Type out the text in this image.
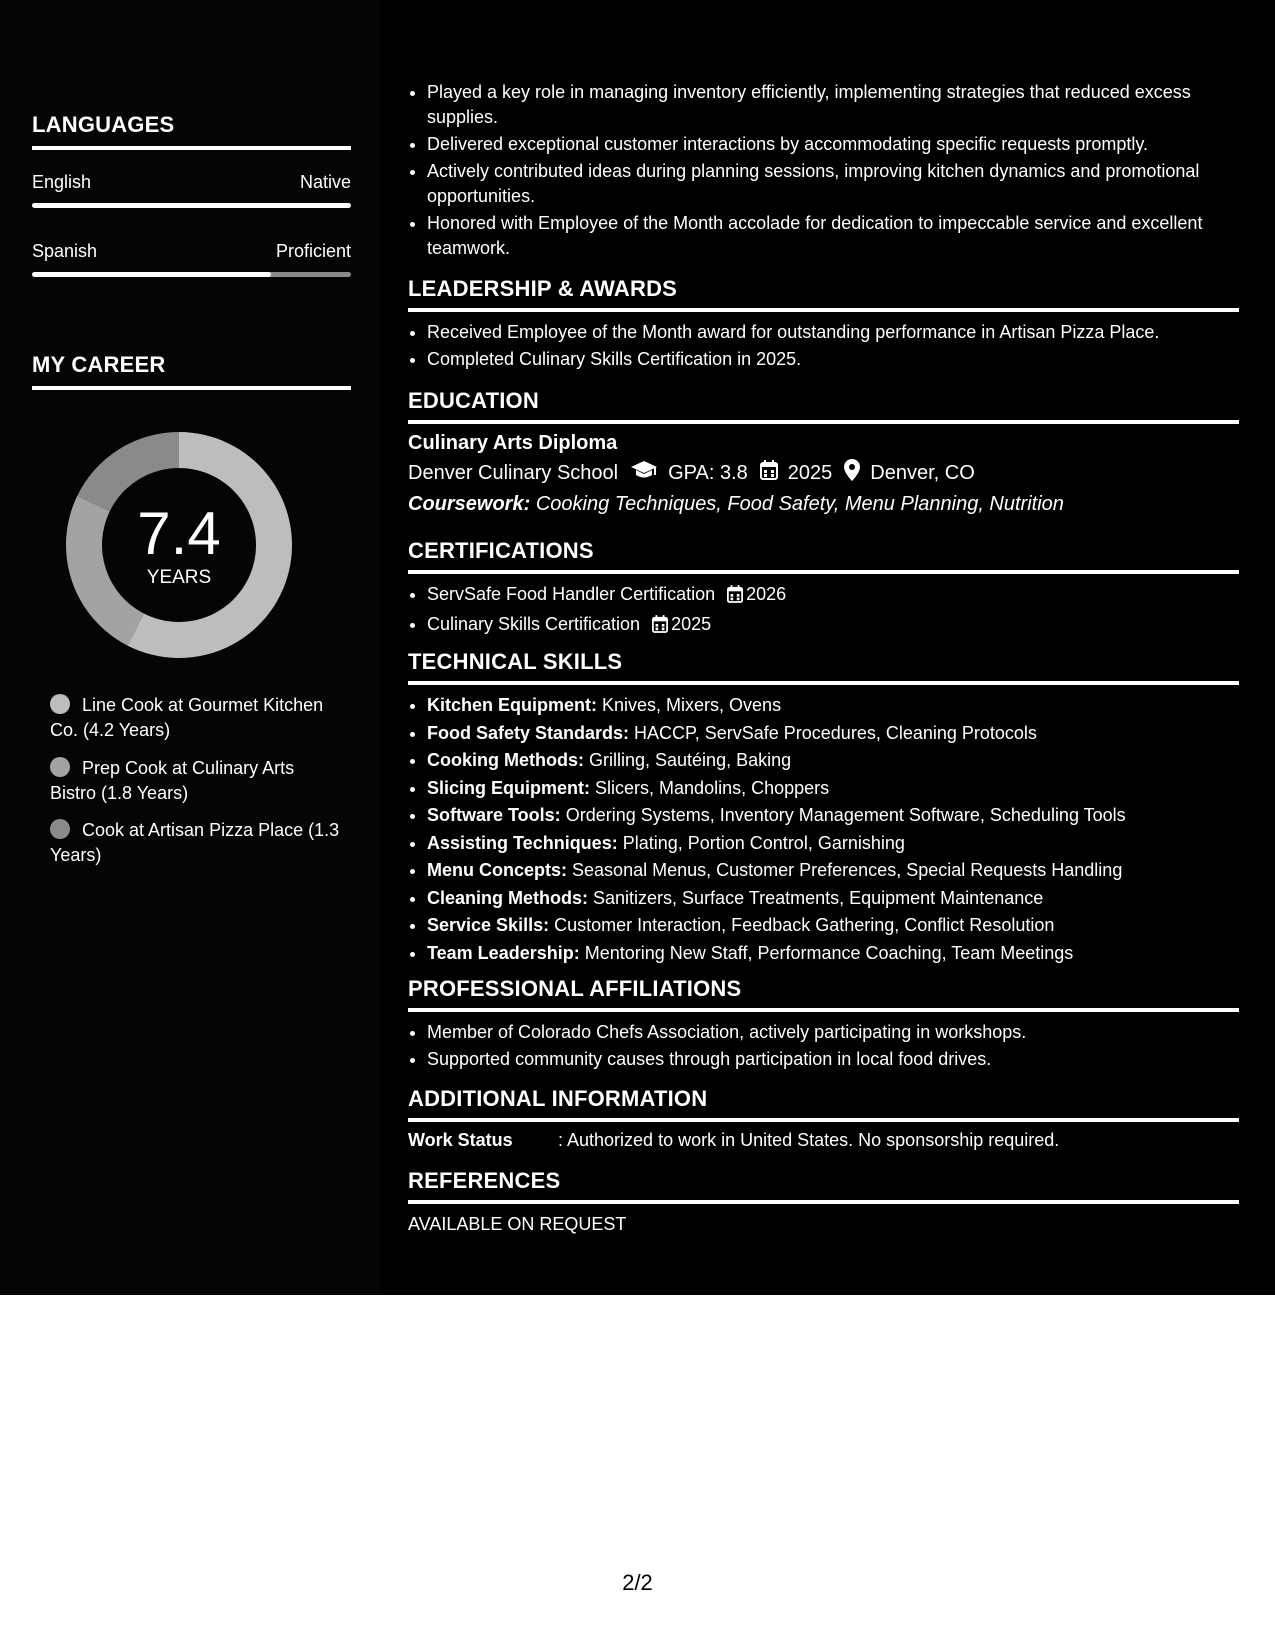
LANGUAGES
English	Native
Spanish	Proficient
MY CAREER
7.4
YEARS
Line Cook at Gourmet Kitchen Co. (4.2 Years)
Prep Cook at Culinary Arts Bistro (1.8 Years)
Cook at Artisan Pizza Place (1.3 Years)
• Played a key role in managing inventory efficiently, implementing strategies that reduced excess supplies.
• Delivered exceptional customer interactions by accommodating specific requests promptly.
• Actively contributed ideas during planning sessions, improving kitchen dynamics and promotional opportunities.
• Honored with Employee of the Month accolade for dedication to impeccable service and excellent teamwork.
LEADERSHIP & AWARDS
• Received Employee of the Month award for outstanding performance in Artisan Pizza Place.
• Completed Culinary Skills Certification in 2025.
EDUCATION
Culinary Arts Diploma
Denver Culinary School	GPA: 3.8 2025 Denver, CO
Coursework: Cooking Techniques, Food Safety, Menu Planning, Nutrition
CERTIFICATIONS
• ServSafe Food Handler Certification 2026
• Culinary Skills Certification 2025
TECHNICAL SKILLS
• Kitchen Equipment: Knives, Mixers, Ovens
• Food Safety Standards: HACCP, ServSafe Procedures, Cleaning Protocols
• Cooking Methods: Grilling, Sautéing, Baking
• Slicing Equipment: Slicers, Mandolins, Choppers
• Software Tools: Ordering Systems, Inventory Management Software, Scheduling Tools
• Assisting Techniques: Plating, Portion Control, Garnishing
• Menu Concepts: Seasonal Menus, Customer Preferences, Special Requests Handling
• Cleaning Methods: Sanitizers, Surface Treatments, Equipment Maintenance
• Service Skills: Customer Interaction, Feedback Gathering, Conflict Resolution
• Team Leadership: Mentoring New Staff, Performance Coaching, Team Meetings
PROFESSIONAL AFFILIATIONS
• Member of Colorado Chefs Association, actively participating in workshops.
• Supported community causes through participation in local food drives.
ADDITIONAL INFORMATION
Work Status	: Authorized to work in United States. No sponsorship required.
REFERENCES
AVAILABLE ON REQUEST
2/2
